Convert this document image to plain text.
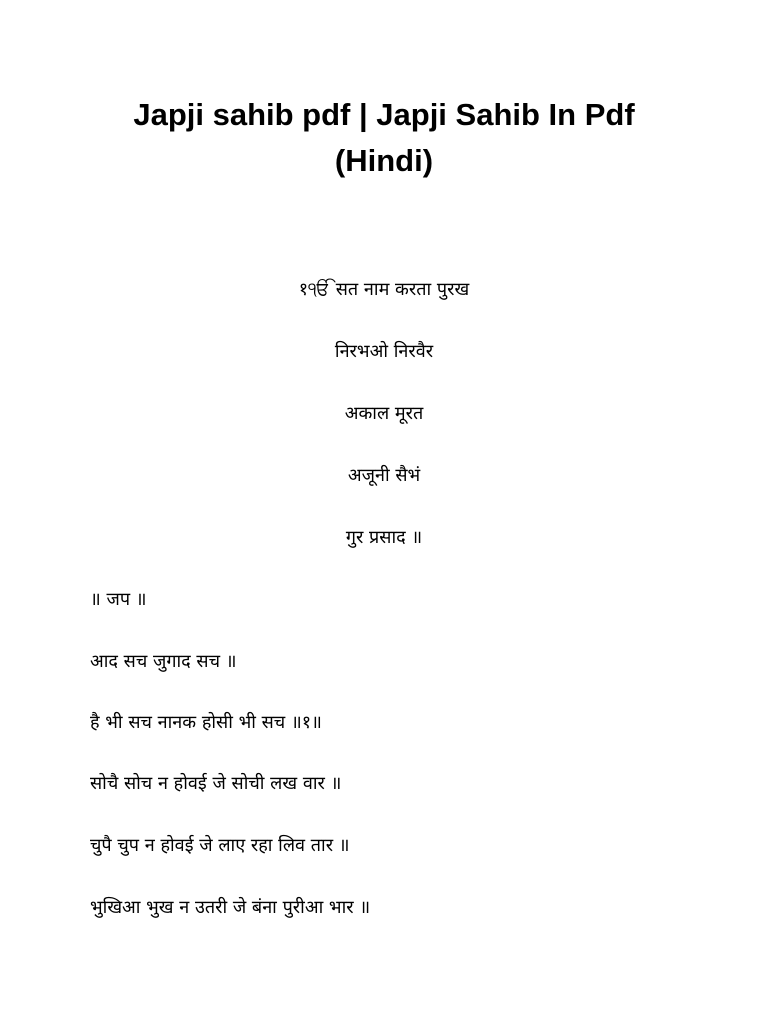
Japji sahib pdf | Japji Sahib In Pdf (Hindi)

१ੴ सत नाम करता पुरख

निरभओ निरवैर

अकाल मूरत

अजूनी सैभं

गुर प्रसाद ॥

॥ जप ॥

आद सच जुगाद सच ॥

है भी सच नानक होसी भी सच ॥१॥

सोचै सोच न होवई जे सोची लख वार ॥

चुपै चुप न होवई जे लाए रहा लिव तार ॥

भुखिआ भुख न उतरी जे बंना पुरीआ भार ॥
